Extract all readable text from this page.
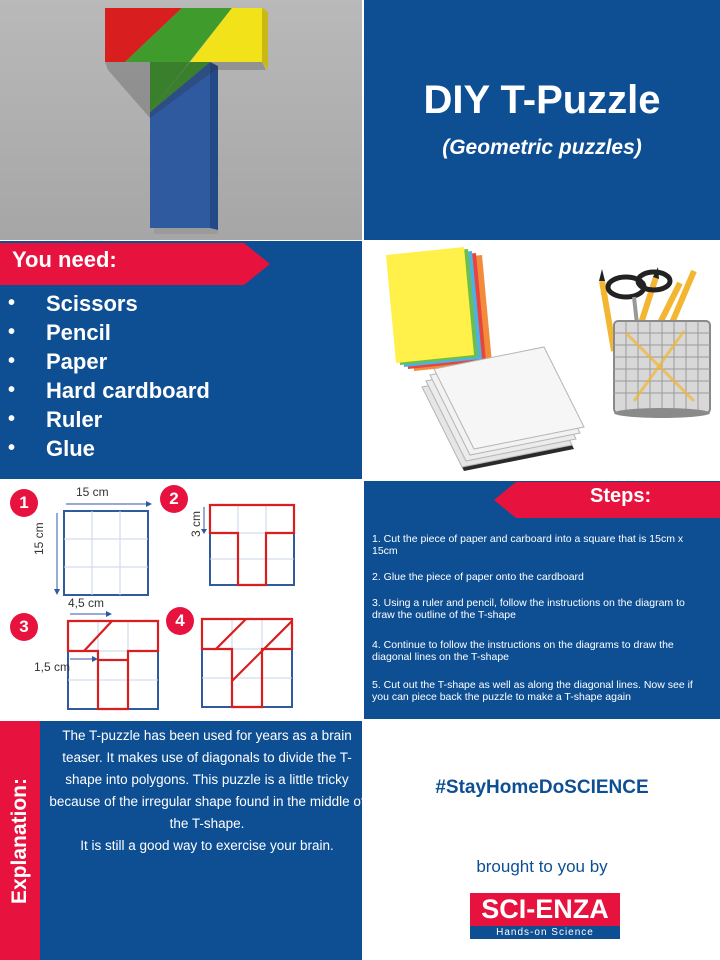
DIY T-Puzzle
(Geometric puzzles)
You need:
• Scissors
• Pencil
• Paper
• Hard cardboard
• Ruler
• Glue
1	2
3	4
15 cm
15 cm	3 cm
4,5 cm
1,5 cm
Steps:
1. Cut the piece of paper and carboard into a square that is 15cm x 15cm
2. Glue the piece of paper onto the cardboard
3. Using a ruler and pencil, follow the instructions on the diagram to draw the outline of the T-shape
4. Continue to follow the instructions on the diagrams to draw the diagonal lines on the T-shape
5. Cut out the T-shape as well as along the diagonal lines. Now see if you can piece back the puzzle to make a T-shape again
Explanation:
The T-puzzle has been used for years as a brain teaser. It makes use of diagonals to divide the T-shape into polygons. This puzzle is a little tricky because of the irregular shape found in the middle of the T-shape.
It is still a good way to exercise your brain.
#StayHomeDoSCIENCE
brought to you by
SCI-ENZA
Hands-on Science
